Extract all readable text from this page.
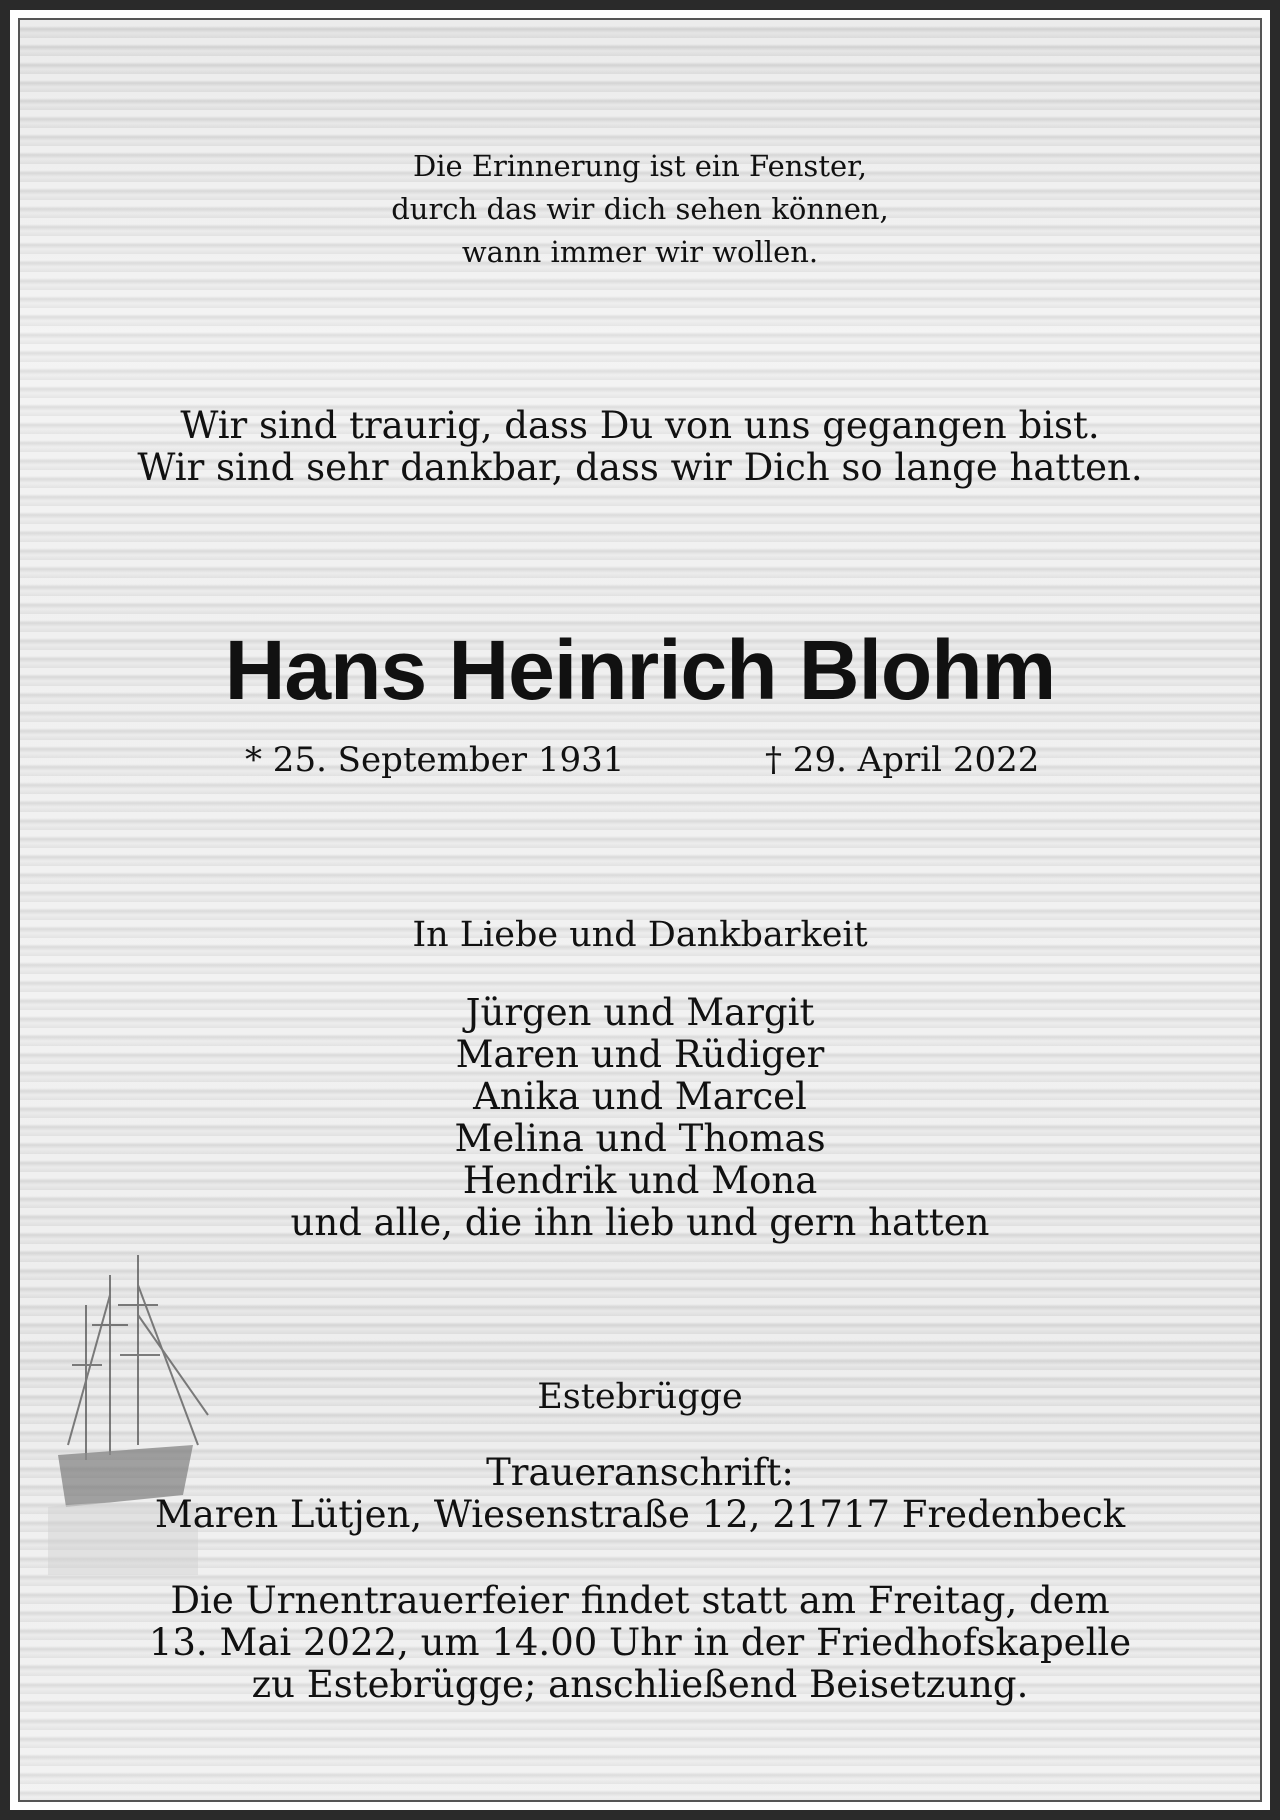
Die Erinnerung ist ein Fenster,
durch das wir dich sehen können,
wann immer wir wollen.
Wir sind traurig, dass Du von uns gegangen bist.
Wir sind sehr dankbar, dass wir Dich so lange hatten.
Hans Heinrich Blohm
* 25. September 1931	† 29. April 2022
In Liebe und Dankbarkeit
Jürgen und Margit
Maren und Rüdiger
Anika und Marcel
Melina und Thomas
Hendrik und Mona
und alle, die ihn lieb und gern hatten
Estebrügge
Traueranschrift:
Maren Lütjen, Wiesenstraße 12, 21717 Fredenbeck
Die Urnentrauerfeier findet statt am Freitag, dem
13. Mai 2022, um 14.00 Uhr in der Friedhofskapelle
zu Estebrügge; anschließend Beisetzung.
